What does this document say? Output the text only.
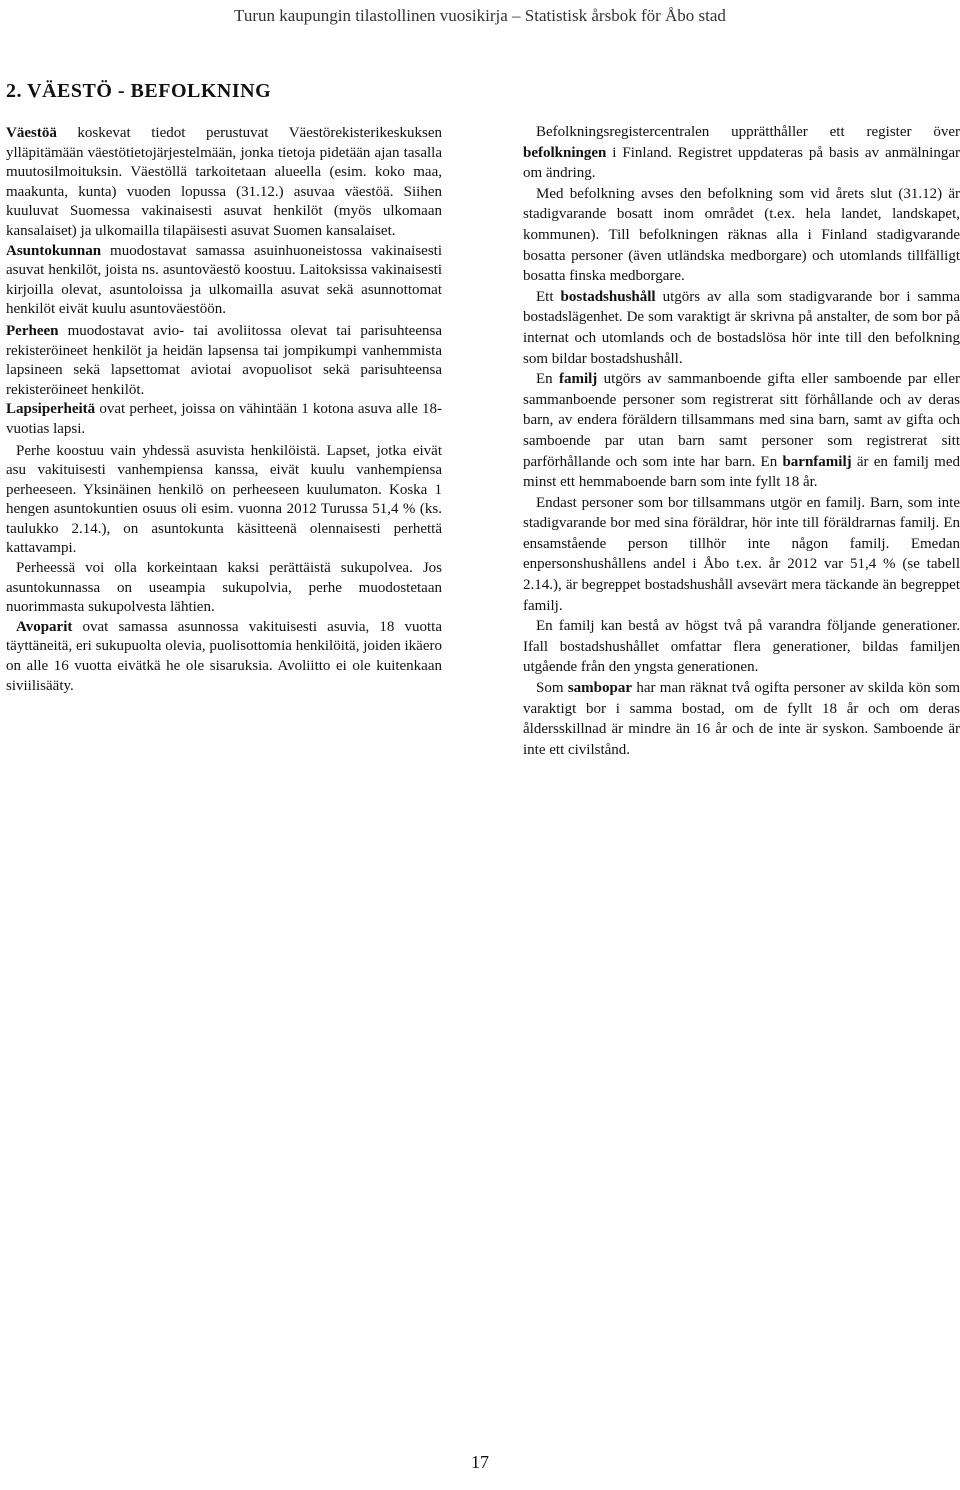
Turun kaupungin tilastollinen vuosikirja – Statistisk årsbok för Åbo stad
2. VÄESTÖ - BEFOLKNING

Väestöä koskevat tiedot perustuvat Väestörekisterikeskuksen ylläpitämään väestötietojärjestelmään, jonka tietoja pidetään ajan tasalla muutosilmoituksin. Väestöllä tarkoitetaan alueella (esim. koko maa, maakunta, kunta) vuoden lopussa (31.12.) asuvaa väestöä. Siihen kuuluvat Suomessa vakinaisesti asuvat henkilöt (myös ulkomaan kansalaiset) ja ulkomailla tilapäisesti asuvat Suomen kansalaiset.

Asuntokunnan muodostavat samassa asuinhuoneistossa vakinaisesti asuvat henkilöt, joista ns. asuntoväestö koostuu. Laitoksissa vakinaisesti kirjoilla olevat, asuntoloissa ja ulkomailla asuvat sekä asunnottomat henkilöt eivät kuulu asuntoväestöön.

Perheen muodostavat avio- tai avoliitossa olevat tai parisuhteensa rekisteröineet henkilöt ja heidän lapsensa tai jompikumpi vanhemmista lapsineen sekä lapsettomat aviotai avopuolisot sekä parisuhteensa rekisteröineet henkilöt.

Lapsiperheitä ovat perheet, joissa on vähintään 1 kotona asuva alle 18-vuotias lapsi.

Perhe koostuu vain yhdessä asuvista henkilöistä. Lapset, jotka eivät asu vakituisesti vanhempiensa kanssa, eivät kuulu vanhempiensa perheeseen. Yksinäinen henkilö on perheeseen kuulumaton. Koska 1 hengen asuntokuntien osuus oli esim. vuonna 2012 Turussa 51,4 % (ks. taulukko 2.14.), on asuntokunta käsitteenä olennaisesti perhettä kattavampi.

Perheessä voi olla korkeintaan kaksi perättäistä sukupolvea. Jos asuntokunnassa on useampia sukupolvia, perhe muodostetaan nuorimmasta sukupolvesta lähtien.

Avoparit ovat samassa asunnossa vakituisesti asuvia, 18 vuotta täyttäneitä, eri sukupuolta olevia, puolisottomia henkilöitä, joiden ikäero on alle 16 vuotta eivätkä he ole sisaruksia. Avoliitto ei ole kuitenkaan siviilisääty.

Befolkningsregistercentralen upprätthåller ett register över befolkningen i Finland. Registret uppdateras på basis av anmälningar om ändring.

Med befolkning avses den befolkning som vid årets slut (31.12) är stadigvarande bosatt inom området (t.ex. hela landet, landskapet, kommunen). Till befolkningen räknas alla i Finland stadigvarande bosatta personer (även utländska medborgare) och utomlands tillfälligt bosatta finska medborgare.

Ett bostadshushåll utgörs av alla som stadigvarande bor i samma bostadslägenhet. De som varaktigt är skrivna på anstalter, de som bor på internat och utomlands och de bostadslösa hör inte till den befolkning som bildar bostadshushåll.

En familj utgörs av sammanboende gifta eller samboende par eller sammanboende personer som registrerat sitt förhållande och av deras barn, av endera föräldern tillsammans med sina barn, samt av gifta och samboende par utan barn samt personer som registrerat sitt parförhållande och som inte har barn. En barnfamilj är en familj med minst ett hemmaboende barn som inte fyllt 18 år.

Endast personer som bor tillsammans utgör en familj. Barn, som inte stadigvarande bor med sina föräldrar, hör inte till föräldrarnas familj. En ensamstående person tillhör inte någon familj. Emedan enpersonshushållens andel i Åbo t.ex. år 2012 var 51,4 % (se tabell 2.14.), är begreppet bostadshushåll avsevärt mera täckande än begreppet familj.

En familj kan bestå av högst två på varandra följande generationer. Ifall bostadshushållet omfattar flera generationer, bildas familjen utgående från den yngsta generationen.

Som sambopar har man räknat två ogifta personer av skilda kön som varaktigt bor i samma bostad, om de fyllt 18 år och om deras åldersskillnad är mindre än 16 år och de inte är syskon. Samboende är inte ett civilstånd.

17
